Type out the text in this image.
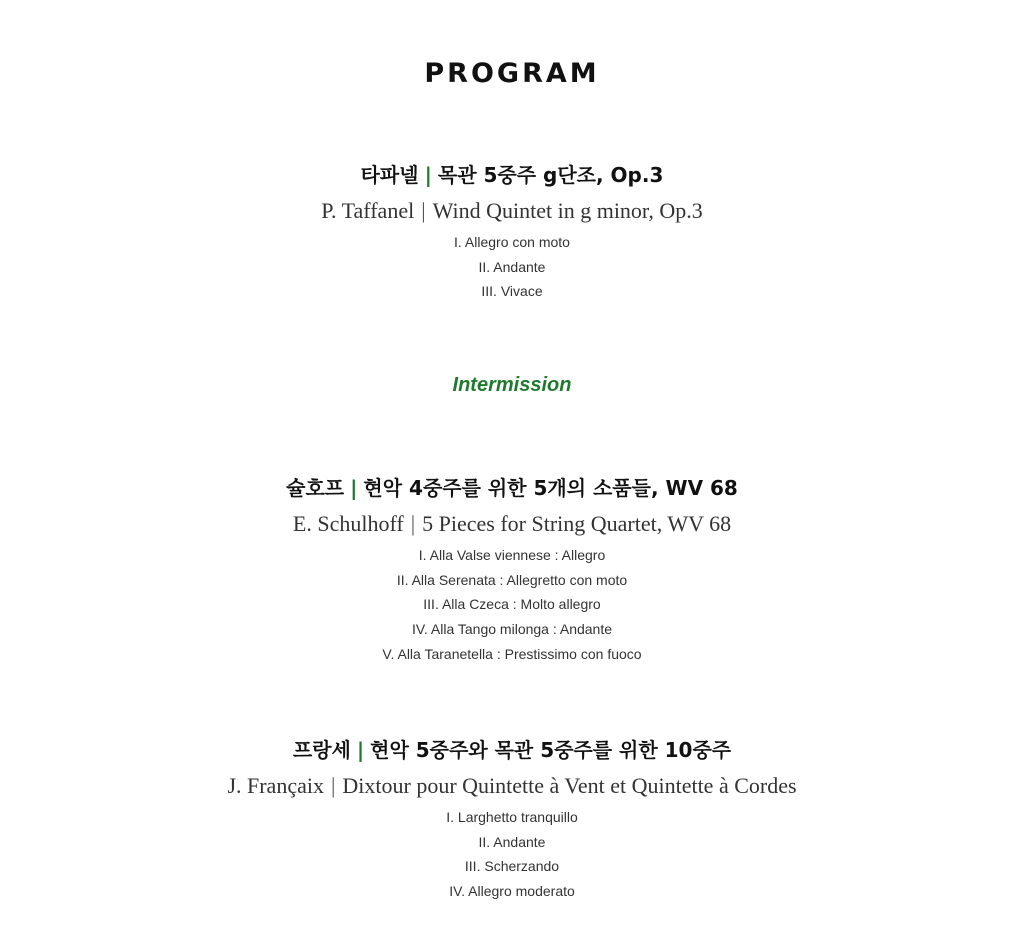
PROGRAM
타파넬 | 목관 5중주 g단조, Op.3
P. Taffanel | Wind Quintet in g minor, Op.3
I. Allegro con moto
II. Andante
III. Vivace
Intermission
슐호프 | 현악 4중주를 위한 5개의 소품들, WV 68
E. Schulhoff | 5 Pieces for String Quartet, WV 68
I. Alla Valse viennese : Allegro
II. Alla Serenata : Allegretto con moto
III. Alla Czeca : Molto allegro
IV. Alla Tango milonga : Andante
V. Alla Taranetella : Prestissimo con fuoco
프랑세 | 현악 5중주와 목관 5중주를 위한 10중주
J. Françaix | Dixtour pour Quintette à Vent et Quintette à Cordes
I. Larghetto tranquillo
II. Andante
III. Scherzando
IV. Allegro moderato
